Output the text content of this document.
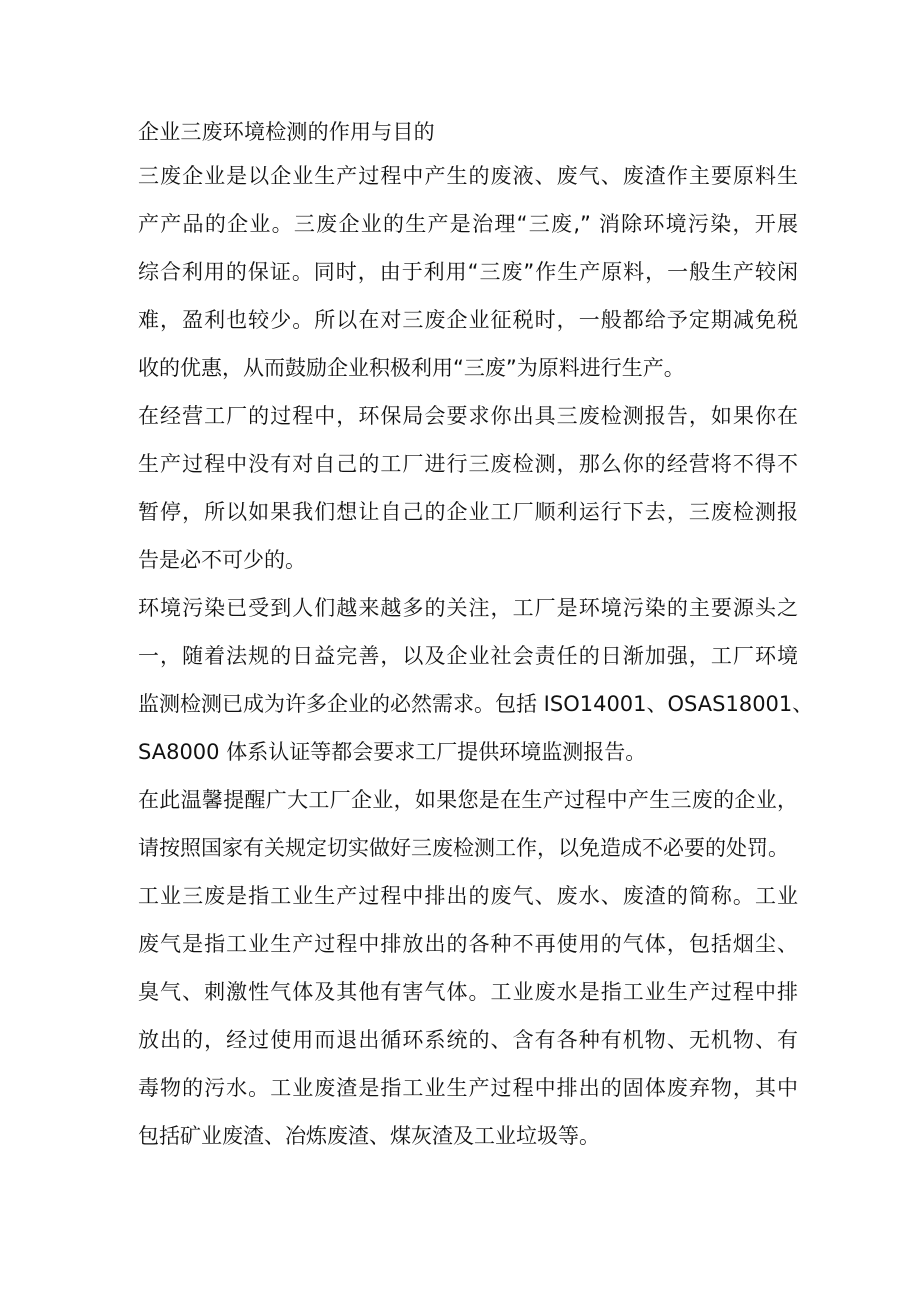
企业三废环境检测的作用与目的

三废企业是以企业生产过程中产生的废液、废气、废渣作主要原料生
产产品的企业。三废企业的生产是治理“三废,” 消除环境污染，开展
综合利用的保证。同时，由于利用“三废”作生产原料，一般生产较闲
难，盈利也较少。所以在对三废企业征税时，一般都给予定期减免税
收的优惠，从而鼓励企业积极利用“三废”为原料进行生产。

在经营工厂的过程中，环保局会要求你出具三废检测报告，如果你在
生产过程中没有对自己的工厂进行三废检测，那么你的经营将不得不
暂停，所以如果我们想让自己的企业工厂顺利运行下去，三废检测报
告是必不可少的。

环境污染已受到人们越来越多的关注，工厂是环境污染的主要源头之
一，随着法规的日益完善，以及企业社会责任的日渐加强，工厂环境
监测检测已成为许多企业的必然需求。包括 ISO14001、OSAS18001、
SA8000 体系认证等都会要求工厂提供环境监测报告。

在此温馨提醒广大工厂企业，如果您是在生产过程中产生三废的企业，
请按照国家有关规定切实做好三废检测工作，以免造成不必要的处罚。

工业三废是指工业生产过程中排出的废气、废水、废渣的简称。工业
废气是指工业生产过程中排放出的各种不再使用的气体，包括烟尘、
臭气、刺激性气体及其他有害气体。工业废水是指工业生产过程中排
放出的，经过使用而退出循环系统的、含有各种有机物、无机物、有
毒物的污水。工业废渣是指工业生产过程中排出的固体废弃物，其中
包括矿业废渣、冶炼废渣、煤灰渣及工业垃圾等。
